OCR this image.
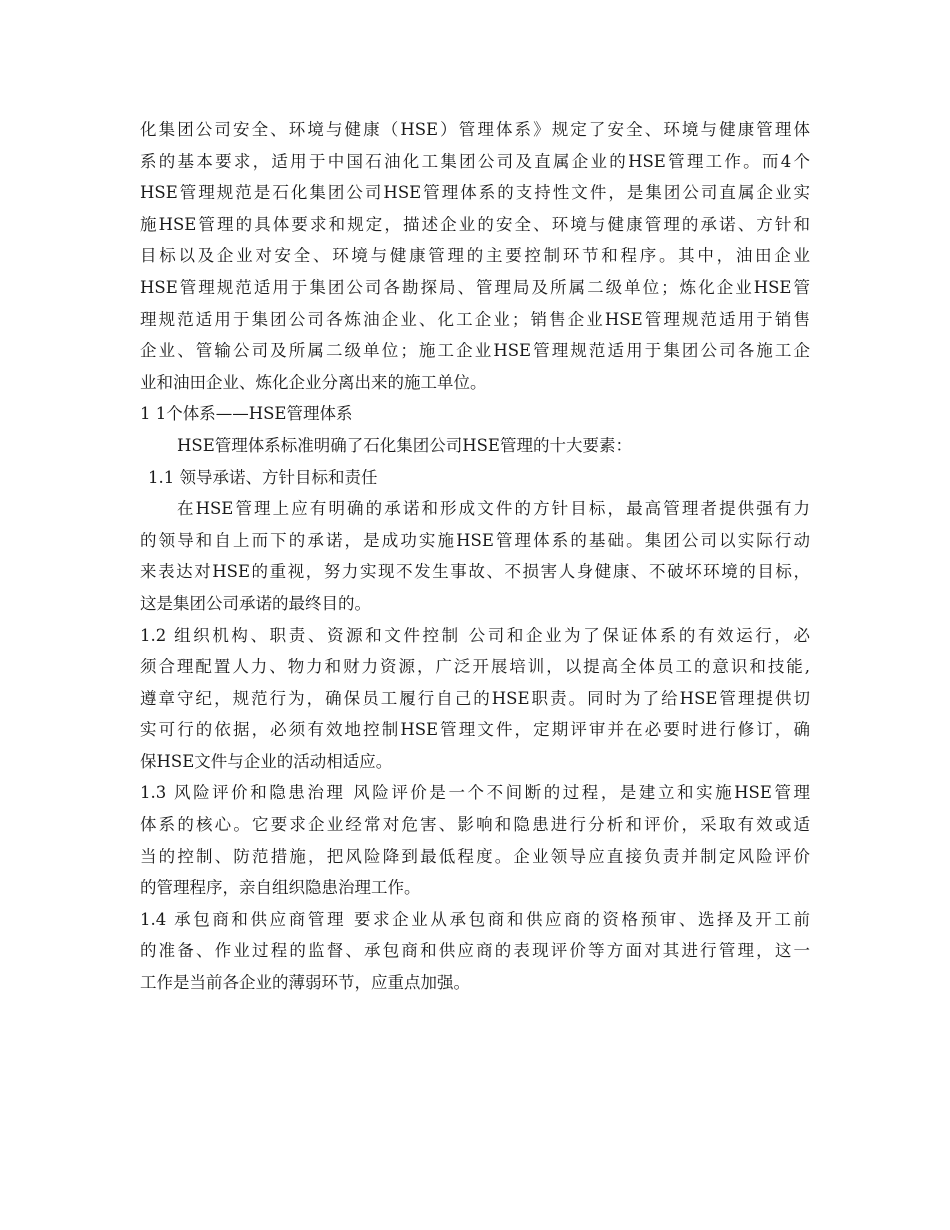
化集团公司安全、环境与健康（HSE）管理体系》规定了安全、环境与健康管理体
系的基本要求，适用于中国石油化工集团公司及直属企业的HSE管理工作。而4个
HSE管理规范是石化集团公司HSE管理体系的支持性文件，是集团公司直属企业实
施HSE管理的具体要求和规定，描述企业的安全、环境与健康管理的承诺、方针和
目标以及企业对安全、环境与健康管理的主要控制环节和程序。其中，油田企业
HSE管理规范适用于集团公司各勘探局、管理局及所属二级单位；炼化企业HSE管
理规范适用于集团公司各炼油企业、化工企业；销售企业HSE管理规范适用于销售
企业、管输公司及所属二级单位；施工企业HSE管理规范适用于集团公司各施工企
业和油田企业、炼化企业分离出来的施工单位。
1 1个体系——HSE管理体系
HSE管理体系标准明确了石化集团公司HSE管理的十大要素：
1.1 领导承诺、方针目标和责任
在HSE管理上应有明确的承诺和形成文件的方针目标，最高管理者提供强有力
的领导和自上而下的承诺，是成功实施HSE管理体系的基础。集团公司以实际行动
来表达对HSE的重视，努力实现不发生事故、不损害人身健康、不破坏环境的目标，
这是集团公司承诺的最终目的。
1.2 组织机构、职责、资源和文件控制 公司和企业为了保证体系的有效运行，必
须合理配置人力、物力和财力资源，广泛开展培训，以提高全体员工的意识和技能,
遵章守纪，规范行为，确保员工履行自己的HSE职责。同时为了给HSE管理提供切
实可行的依据，必须有效地控制HSE管理文件，定期评审并在必要时进行修订，确
保HSE文件与企业的活动相适应。
1.3 风险评价和隐患治理 风险评价是一个不间断的过程，是建立和实施HSE管理
体系的核心。它要求企业经常对危害、影响和隐患进行分析和评价，采取有效或适
当的控制、防范措施，把风险降到最低程度。企业领导应直接负责并制定风险评价
的管理程序，亲自组织隐患治理工作。
1.4 承包商和供应商管理 要求企业从承包商和供应商的资格预审、选择及开工前
的准备、作业过程的监督、承包商和供应商的表现评价等方面对其进行管理，这一
工作是当前各企业的薄弱环节，应重点加强。
